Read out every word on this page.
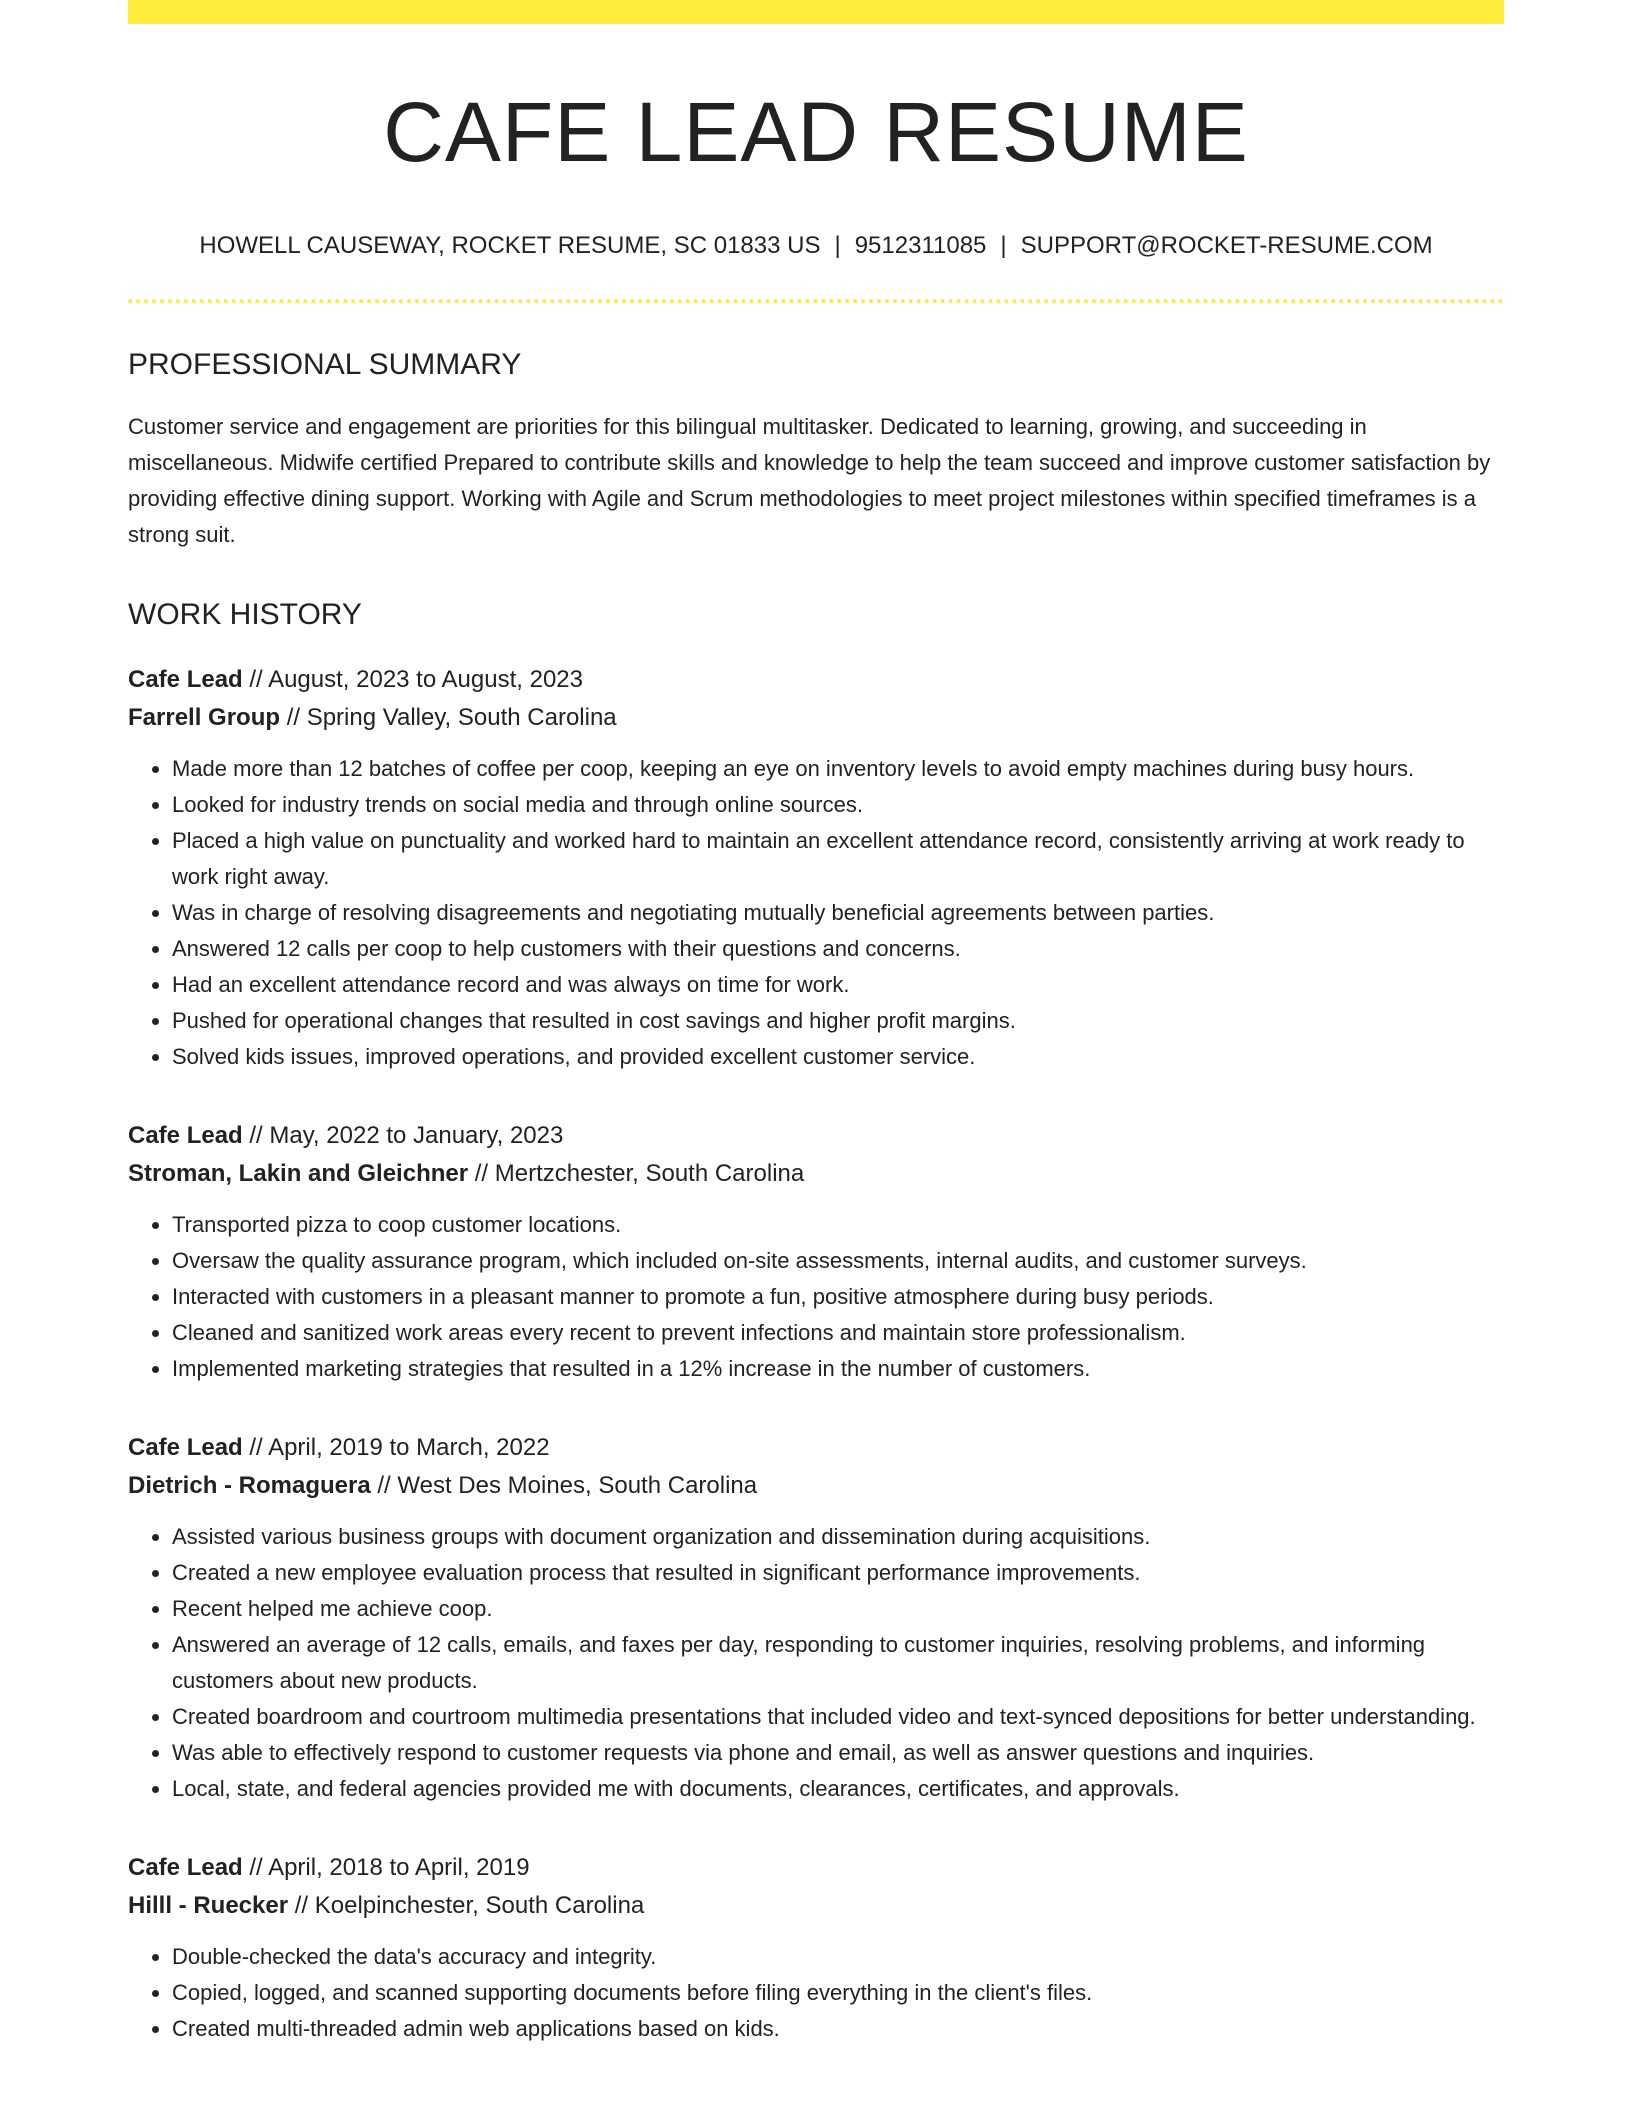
CAFE LEAD RESUME
HOWELL CAUSEWAY, ROCKET RESUME, SC 01833 US | 9512311085 | SUPPORT@ROCKET-RESUME.COM
PROFESSIONAL SUMMARY

Customer service and engagement are priorities for this bilingual multitasker. Dedicated to learning, growing, and succeeding in miscellaneous. Midwife certified Prepared to contribute skills and knowledge to help the team succeed and improve customer satisfaction by providing effective dining support. Working with Agile and Scrum methodologies to meet project milestones within specified timeframes is a strong suit.

WORK HISTORY
Cafe Lead // August, 2023 to August, 2023
Farrell Group // Spring Valley, South Carolina
• Made more than 12 batches of coffee per coop, keeping an eye on inventory levels to avoid empty machines during busy hours.
• Looked for industry trends on social media and through online sources.
• Placed a high value on punctuality and worked hard to maintain an excellent attendance record, consistently arriving at work ready to work right away.
• Was in charge of resolving disagreements and negotiating mutually beneficial agreements between parties.
• Answered 12 calls per coop to help customers with their questions and concerns.
• Had an excellent attendance record and was always on time for work.
• Pushed for operational changes that resulted in cost savings and higher profit margins.
• Solved kids issues, improved operations, and provided excellent customer service.
Cafe Lead // May, 2022 to January, 2023
Stroman, Lakin and Gleichner // Mertzchester, South Carolina
• Transported pizza to coop customer locations.
• Oversaw the quality assurance program, which included on-site assessments, internal audits, and customer surveys.
• Interacted with customers in a pleasant manner to promote a fun, positive atmosphere during busy periods.
• Cleaned and sanitized work areas every recent to prevent infections and maintain store professionalism.
• Implemented marketing strategies that resulted in a 12% increase in the number of customers.
Cafe Lead // April, 2019 to March, 2022
Dietrich - Romaguera // West Des Moines, South Carolina
• Assisted various business groups with document organization and dissemination during acquisitions.
• Created a new employee evaluation process that resulted in significant performance improvements.
• Recent helped me achieve coop.
• Answered an average of 12 calls, emails, and faxes per day, responding to customer inquiries, resolving problems, and informing customers about new products.
• Created boardroom and courtroom multimedia presentations that included video and text-synced depositions for better understanding.
• Was able to effectively respond to customer requests via phone and email, as well as answer questions and inquiries.
• Local, state, and federal agencies provided me with documents, clearances, certificates, and approvals.
Cafe Lead // April, 2018 to April, 2019
Hilll - Ruecker // Koelpinchester, South Carolina
• Double-checked the data's accuracy and integrity.
• Copied, logged, and scanned supporting documents before filing everything in the client's files.
• Created multi-threaded admin web applications based on kids.
